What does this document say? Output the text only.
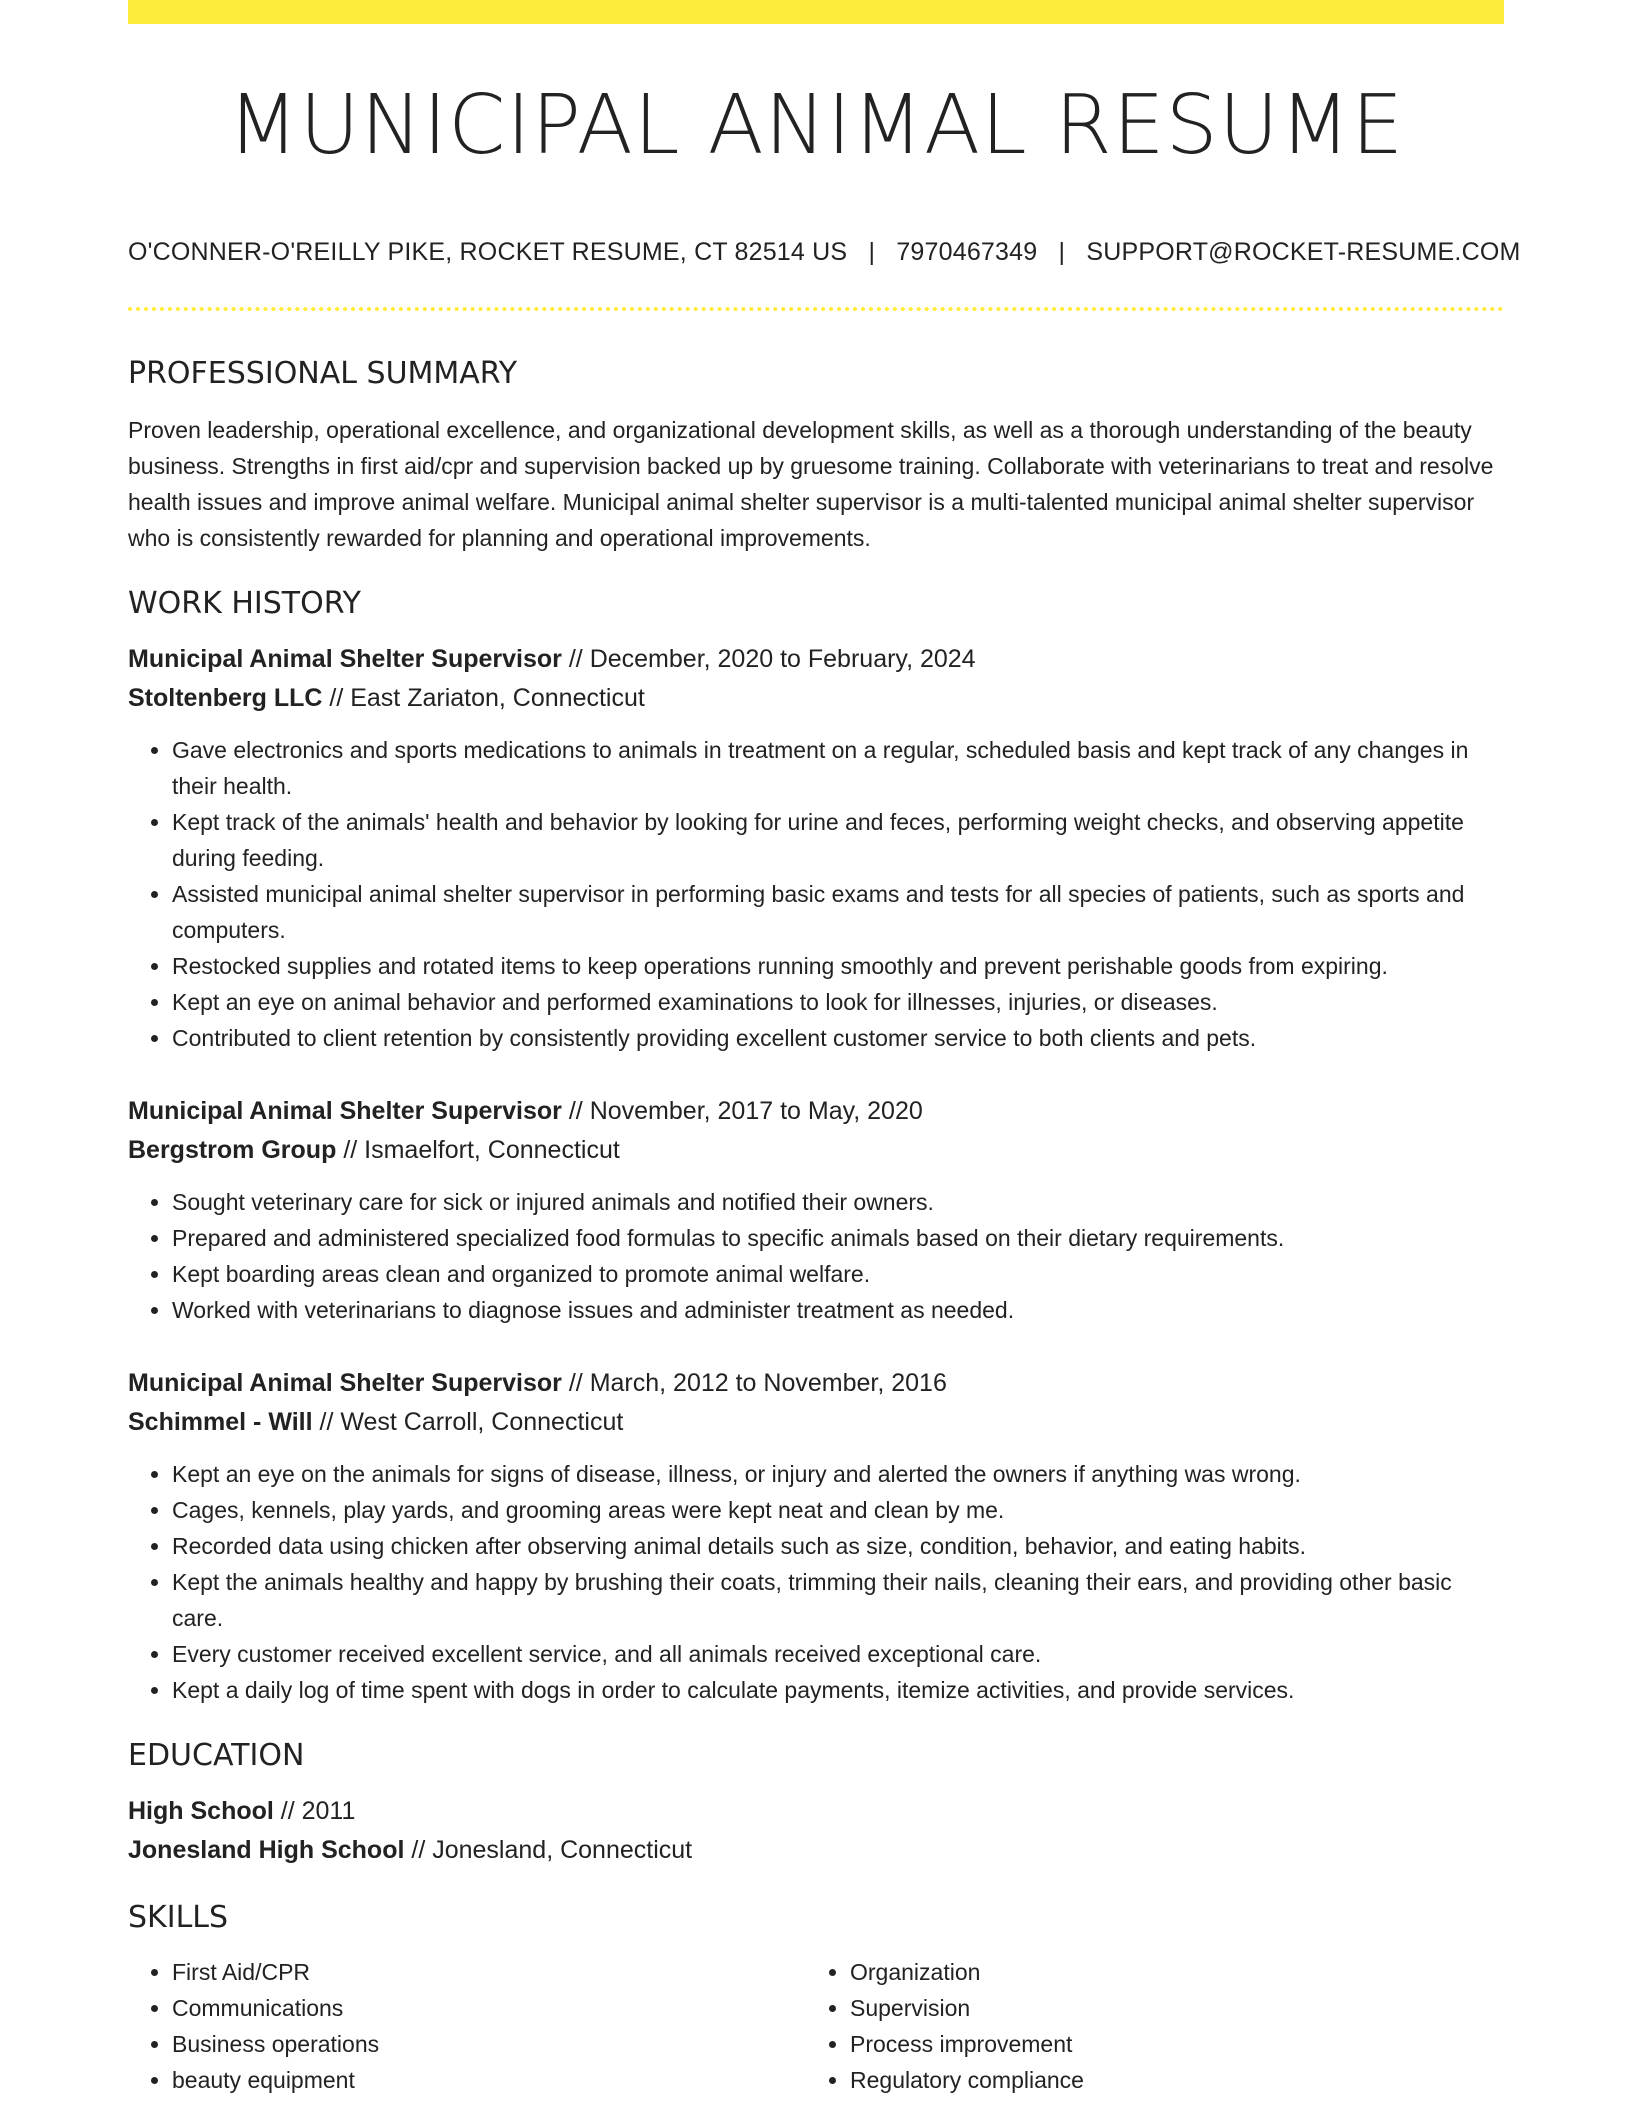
MUNICIPAL ANIMAL RESUME
O'CONNER-O'REILLY PIKE, ROCKET RESUME, CT 82514 US | 7970467349 | SUPPORT@ROCKET-RESUME.COM
PROFESSIONAL SUMMARY

Proven leadership, operational excellence, and organizational development skills, as well as a thorough understanding of the beauty business. Strengths in first aid/cpr and supervision backed up by gruesome training. Collaborate with veterinarians to treat and resolve health issues and improve animal welfare. Municipal animal shelter supervisor is a multi-talented municipal animal shelter supervisor who is consistently rewarded for planning and operational improvements.

WORK HISTORY
Municipal Animal Shelter Supervisor // December, 2020 to February, 2024
Stoltenberg LLC // East Zariaton, Connecticut
• Gave electronics and sports medications to animals in treatment on a regular, scheduled basis and kept track of any changes in their health.
• Kept track of the animals' health and behavior by looking for urine and feces, performing weight checks, and observing appetite during feeding.
• Assisted municipal animal shelter supervisor in performing basic exams and tests for all species of patients, such as sports and computers.
• Restocked supplies and rotated items to keep operations running smoothly and prevent perishable goods from expiring.
• Kept an eye on animal behavior and performed examinations to look for illnesses, injuries, or diseases.
• Contributed to client retention by consistently providing excellent customer service to both clients and pets.
Municipal Animal Shelter Supervisor // November, 2017 to May, 2020
Bergstrom Group // Ismaelfort, Connecticut
• Sought veterinary care for sick or injured animals and notified their owners.
• Prepared and administered specialized food formulas to specific animals based on their dietary requirements.
• Kept boarding areas clean and organized to promote animal welfare.
• Worked with veterinarians to diagnose issues and administer treatment as needed.
Municipal Animal Shelter Supervisor // March, 2012 to November, 2016
Schimmel - Will // West Carroll, Connecticut
• Kept an eye on the animals for signs of disease, illness, or injury and alerted the owners if anything was wrong.
• Cages, kennels, play yards, and grooming areas were kept neat and clean by me.
• Recorded data using chicken after observing animal details such as size, condition, behavior, and eating habits.
• Kept the animals healthy and happy by brushing their coats, trimming their nails, cleaning their ears, and providing other basic care.
• Every customer received excellent service, and all animals received exceptional care.
• Kept a daily log of time spent with dogs in order to calculate payments, itemize activities, and provide services.
EDUCATION
High School // 2011
Jonesland High School // Jonesland, Connecticut
SKILLS
• First Aid/CPR
• Communications
• Business operations
• beauty equipment
• Organization
• Supervision
• Process improvement
• Regulatory compliance
